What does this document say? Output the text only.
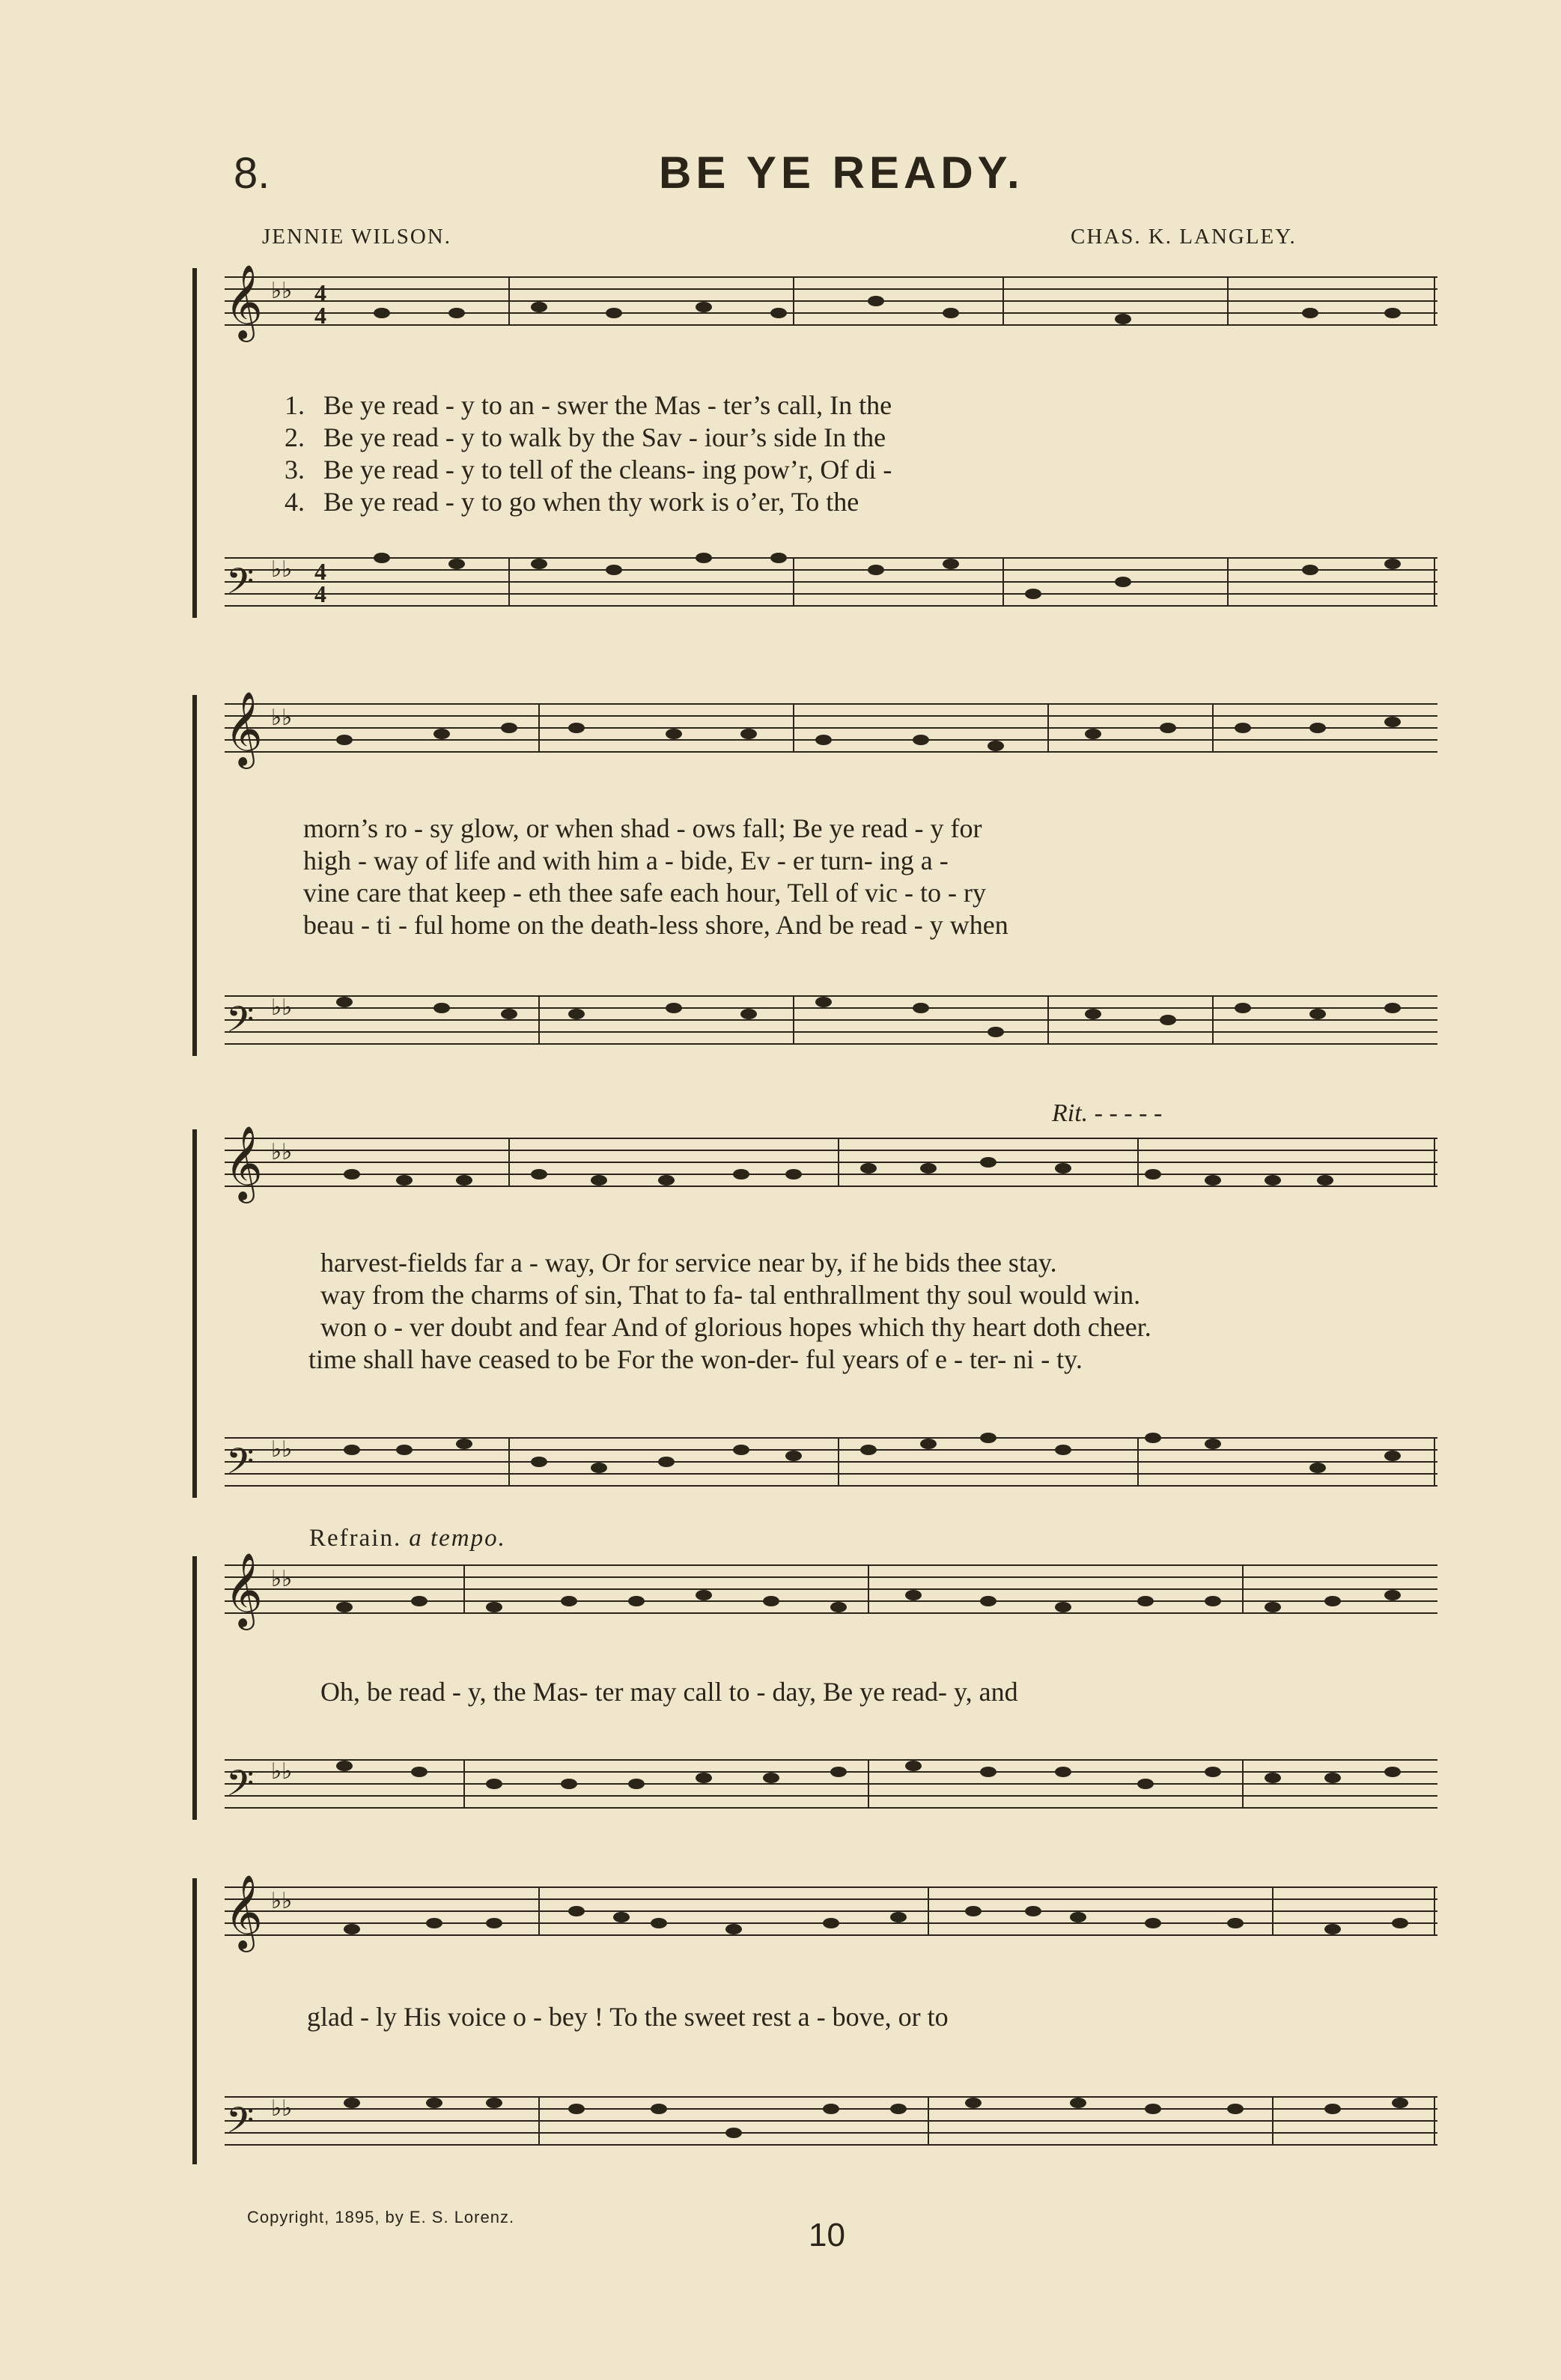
8.	BE YE READY.
JENNIE WILSON.	CHAS. K. LANGLEY.
𝄞
𝄢
♭♭
♭♭
4
4
4
4
1. Be ye read - y to an - swer the Mas - ter’s call, In the
2. Be ye read - y to walk by the Sav - iour’s side In the
3. Be ye read - y to tell of the cleans- ing pow’r, Of di -
4. Be ye read - y to go when thy work is o’er, To the
𝄞
𝄢
♭♭
♭♭
morn’s ro - sy glow, or when shad - ows fall; Be ye read - y for
high - way of life and with him a - bide, Ev - er turn- ing a -
vine care that keep - eth thee safe each hour, Tell of vic - to - ry
beau - ti - ful home on the death-less shore, And be read - y when
Rit. - - - - -
𝄞
𝄢
♭♭
♭♭
harvest-fields far a - way, Or for service near by, if he bids thee stay.
way from the charms of sin, That to fa- tal enthrallment thy soul would win.
won o - ver doubt and fear And of glorious hopes which thy heart doth cheer.
time shall have ceased to be For the won-der- ful years of e - ter- ni - ty.
Refrain. a tempo.
𝄞
𝄢
♭♭
♭♭
Oh, be read - y, the Mas- ter may call to - day, Be ye read- y, and
𝄞
𝄢
♭♭
♭♭
glad - ly His voice o - bey ! To the sweet rest a - bove, or to
Copyright, 1895, by E. S. Lorenz.	10
